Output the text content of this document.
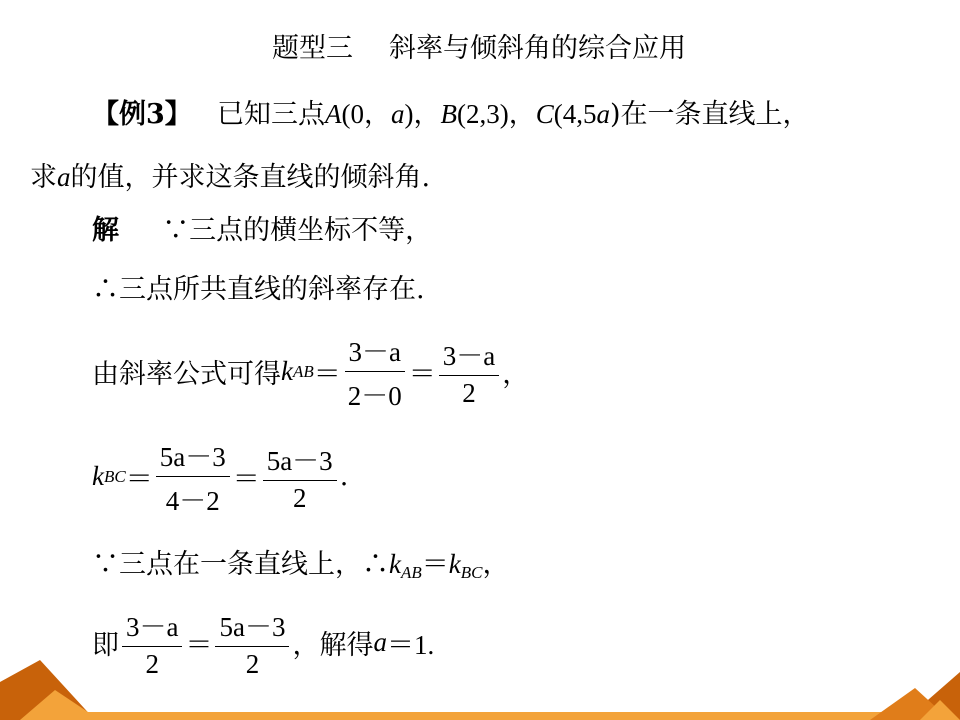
题型三 斜率与倾斜角的综合应用
【例3】 已知三点A(0，a)，B(2,3)，C(4,5a)在一条直线上，
求a的值，并求这条直线的倾斜角.
解 ∵三点的横坐标不等，
∴三点所共直线的斜率存在.
由斜率公式可得 k AB ＝ $\frac{3-a}{2-0} = \frac{3-a}{2}$ ，
k BC ＝ $\frac{5a-3}{4-2} = \frac{5a-3}{2}$ .
∵三点在一条直线上，$\therefore k_{AB}=k_{BC}$，
即 $\frac{3-a}{2} = \frac{5a-3}{2}$ ，解得 a ＝1.
